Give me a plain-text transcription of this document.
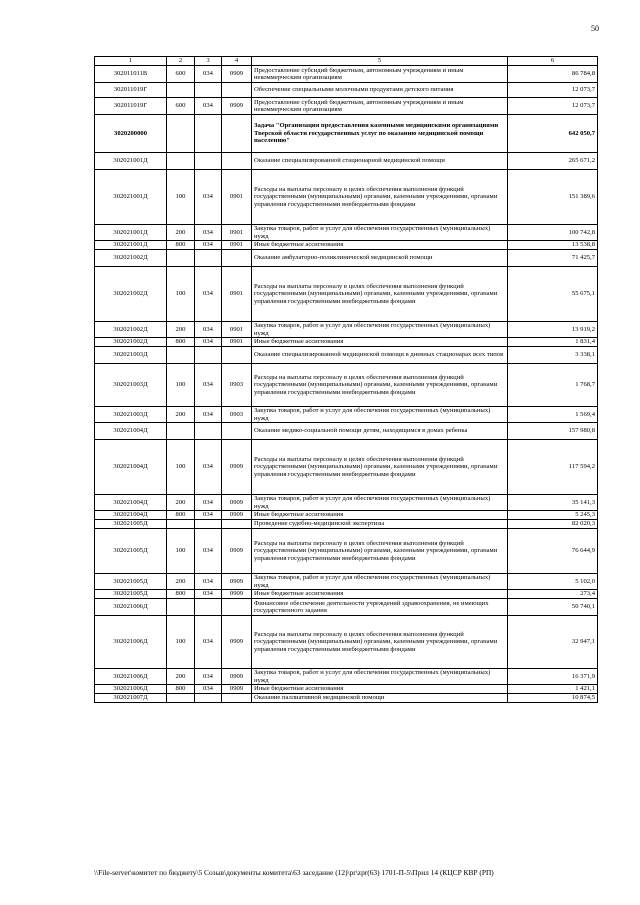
50
1	2	3	4	5	6
302011011В	600	034	0909	Предоставление субсидий бюджетным, автономным учреждениям и иным некоммерческим организациям	86 784,8
302011019Г				Обеспечение специальными молочными продуктами детского питания	12 073,7
302011019Г	600	034	0909	Предоставление субсидий бюджетным, автономным учреждениям и иным некоммерческим организациям	12 073,7
3020200000				Задача "Организация предоставления казенными медицинскими организациями Тверской области государственных услуг по оказанию медицинской помощи населению"	642 050,7
302021001Д				Оказание специализированной стационарной медицинской помощи	265 671,2
302021001Д	100	034	0901	Расходы на выплаты персоналу в целях обеспечения выполнения функций государственными (муниципальными) органами, казенными учреждениями, органами управления государственными внебюджетными фондами	151 389,6
302021001Д	200	034	0901	Закупка товаров, работ и услуг для обеспечения государственных (муниципальных) нужд	100 742,8
302021001Д	800	034	0901	Иные бюджетные ассигнования	13 538,8
302021002Д				Оказание амбулаторно-поликлинической медицинской помощи	71 425,7
302021002Д	100	034	0901	Расходы на выплаты персоналу в целях обеспечения выполнения функций государственными (муниципальными) органами, казенными учреждениями, органами управления государственными внебюджетными фондами	55 675,1
302021002Д	200	034	0901	Закупка товаров, работ и услуг для обеспечения государственных (муниципальных) нужд	13 919,2
302021002Д	800	034	0901	Иные бюджетные ассигнования	1 831,4
302021003Д				Оказание специализированной медицинской помощи в дневных стационарах всех типов	3 338,1
302021003Д	100	034	0903	Расходы на выплаты персоналу в целях обеспечения выполнения функций государственными (муниципальными) органами, казенными учреждениями, органами управления государственными внебюджетными фондами	1 768,7
302021003Д	200	034	0903	Закупка товаров, работ и услуг для обеспечения государственных (муниципальных) нужд	1 569,4
302021004Д				Оказание медико-социальной помощи детям, находящимся в домах ребенка	157 980,8
302021004Д	100	034	0909	Расходы на выплаты персоналу в целях обеспечения выполнения функций государственными (муниципальными) органами, казенными учреждениями, органами управления государственными внебюджетными фондами	117 594,2
302021004Д	200	034	0909	Закупка товаров, работ и услуг для обеспечения государственных (муниципальных) нужд	35 141,3
302021004Д	800	034	0909	Иные бюджетные ассигнования	5 245,3
302021005Д				Проведение судебно-медицинской экспертизы	82 020,3
302021005Д	100	034	0909	Расходы на выплаты персоналу в целях обеспечения выполнения функций государственными (муниципальными) органами, казенными учреждениями, органами управления государственными внебюджетными фондами	76 644,9
302021005Д	200	034	0909	Закупка товаров, работ и услуг для обеспечения государственных (муниципальных) нужд	5 102,0
302021005Д	800	034	0909	Иные бюджетные ассигнования	273,4
302021006Д				Финансовое обеспечение деятельности учреждений здравоохранения, не имеющих государственного задания	50 740,1
302021006Д	100	034	0909	Расходы на выплаты персоналу в целях обеспечения выполнения функций государственными (муниципальными) органами, казенными учреждениями, органами управления государственными внебюджетными фондами	32 947,1
302021006Д	200	034	0909	Закупка товаров, работ и услуг для обеспечения государственных (муниципальных) нужд	16 371,9
302021006Д	800	034	0909	Иные бюджетные ассигнования	1 421,1
302021007Д				Оказание паллиативной медицинской помощи	10 874,5
\\File-server\комитет по бюджету\5 Созыв\документы комитета\63 заседание (12)\pr\zpr(63) 1701-П-5\Прил 14 (КЦСР КВР (РП)
